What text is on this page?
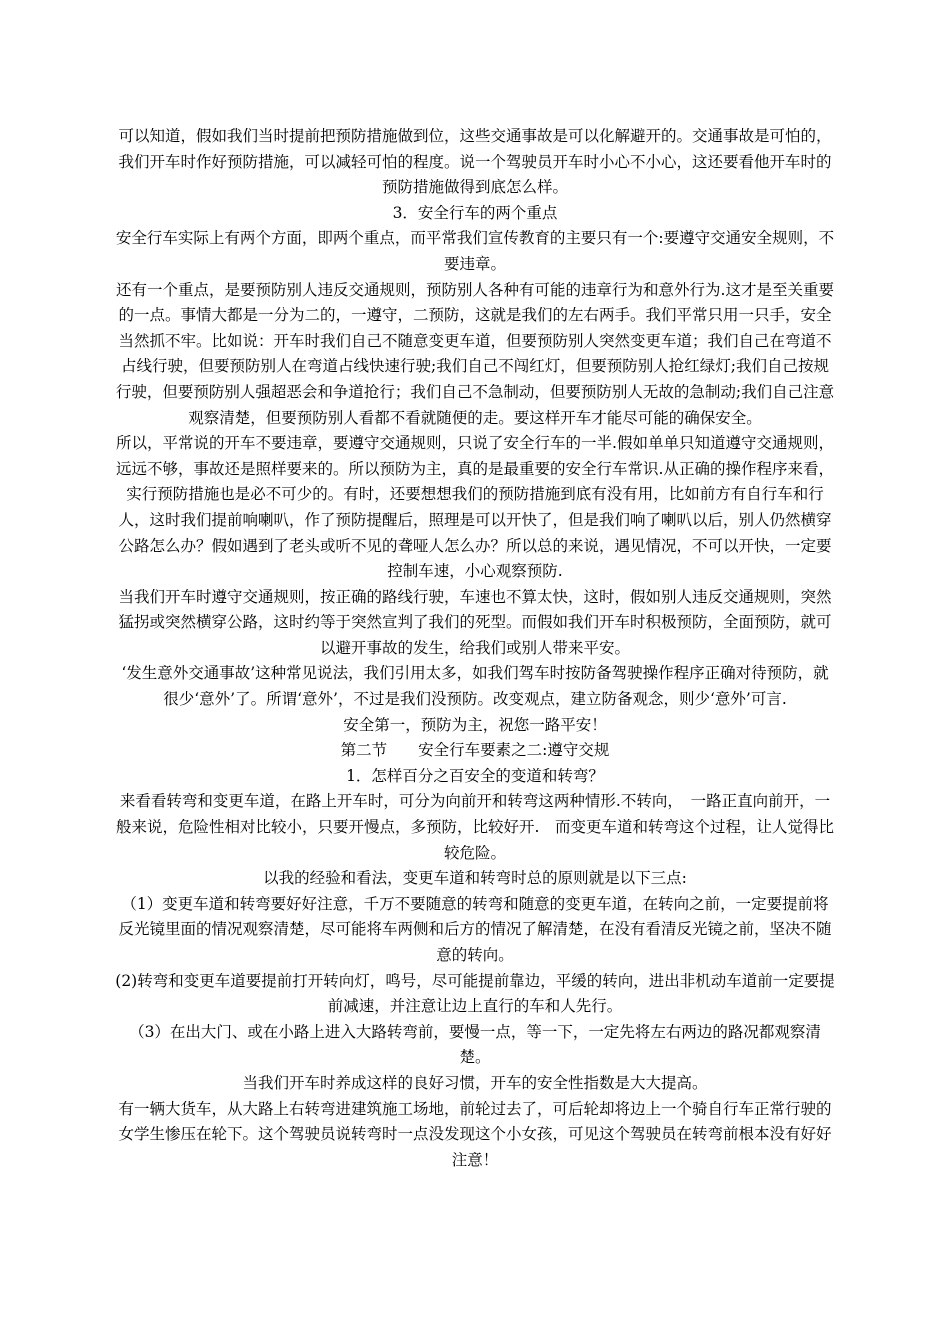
可以知道，假如我们当时提前把预防措施做到位，这些交通事故是可以化解避开的。交通事故是可怕的，我们开车时作好预防措施，可以减轻可怕的程度。说一个驾驶员开车时小心不小心，这还要看他开车时的预防措施做得到底怎么样。

3．安全行车的两个重点

安全行车实际上有两个方面，即两个重点，而平常我们宣传教育的主要只有一个:要遵守交通安全规则，不要违章。

还有一个重点，是要预防别人违反交通规则，预防别人各种有可能的违章行为和意外行为.这才是至关重要的一点。事情大都是一分为二的，一遵守，二预防，这就是我们的左右两手。我们平常只用一只手，安全当然抓不牢。比如说：开车时我们自己不随意变更车道，但要预防别人突然变更车道；我们自己在弯道不占线行驶，但要预防别人在弯道占线快速行驶;我们自己不闯红灯，但要预防别人抢红绿灯;我们自己按规行驶，但要预防别人强超恶会和争道抢行；我们自己不急制动，但要预防别人无故的急制动;我们自己注意观察清楚，但要预防别人看都不看就随便的走。要这样开车才能尽可能的确保安全。

所以，平常说的开车不要违章，要遵守交通规则，只说了安全行车的一半.假如单单只知道遵守交通规则，远远不够，事故还是照样要来的。所以预防为主，真的是最重要的安全行车常识.从正确的操作程序来看，实行预防措施也是必不可少的。有时，还要想想我们的预防措施到底有没有用，比如前方有自行车和行人，这时我们提前响喇叭，作了预防提醒后，照理是可以开快了，但是我们响了喇叭以后，别人仍然横穿公路怎么办？假如遇到了老头或听不见的聋哑人怎么办？所以总的来说，遇见情况，不可以开快，一定要控制车速，小心观察预防.

当我们开车时遵守交通规则，按正确的路线行驶，车速也不算太快，这时，假如别人违反交通规则，突然猛拐或突然横穿公路，这时约等于突然宣判了我们的死型。而假如我们开车时积极预防，全面预防，就可以避开事故的发生，给我们或别人带来平安。

‘发生意外交通事故’这种常见说法，我们引用太多，如我们驾车时按防备驾驶操作程序正确对待预防，就很少‘意外’了。所谓‘意外’，不过是我们没预防。改变观点，建立防备观念，则少‘意外’可言.

安全第一，预防为主，祝您一路平安！

第二节　　安全行车要素之二:遵守交规

1．怎样百分之百安全的变道和转弯？

来看看转弯和变更车道，在路上开车时，可分为向前开和转弯这两种情形.不转向，　一路正直向前开，一般来说，危险性相对比较小，只要开慢点，多预防，比较好开.　而变更车道和转弯这个过程，让人觉得比较危险。

以我的经验和看法，变更车道和转弯时总的原则就是以下三点:

（1）变更车道和转弯要好好注意，千万不要随意的转弯和随意的变更车道，在转向之前，一定要提前将反光镜里面的情况观察清楚，尽可能将车两侧和后方的情况了解清楚，在没有看清反光镜之前，坚决不随意的转向。

(2)转弯和变更车道要提前打开转向灯，鸣号，尽可能提前靠边，平缓的转向，进出非机动车道前一定要提前减速，并注意让边上直行的车和人先行。

（3）在出大门、或在小路上进入大路转弯前，要慢一点，等一下，一定先将左右两边的路况都观察清楚。

当我们开车时养成这样的良好习惯，开车的安全性指数是大大提高。

有一辆大货车，从大路上右转弯进建筑施工场地，前轮过去了，可后轮却将边上一个骑自行车正常行驶的女学生惨压在轮下。这个驾驶员说转弯时一点没发现这个小女孩，可见这个驾驶员在转弯前根本没有好好注意！
